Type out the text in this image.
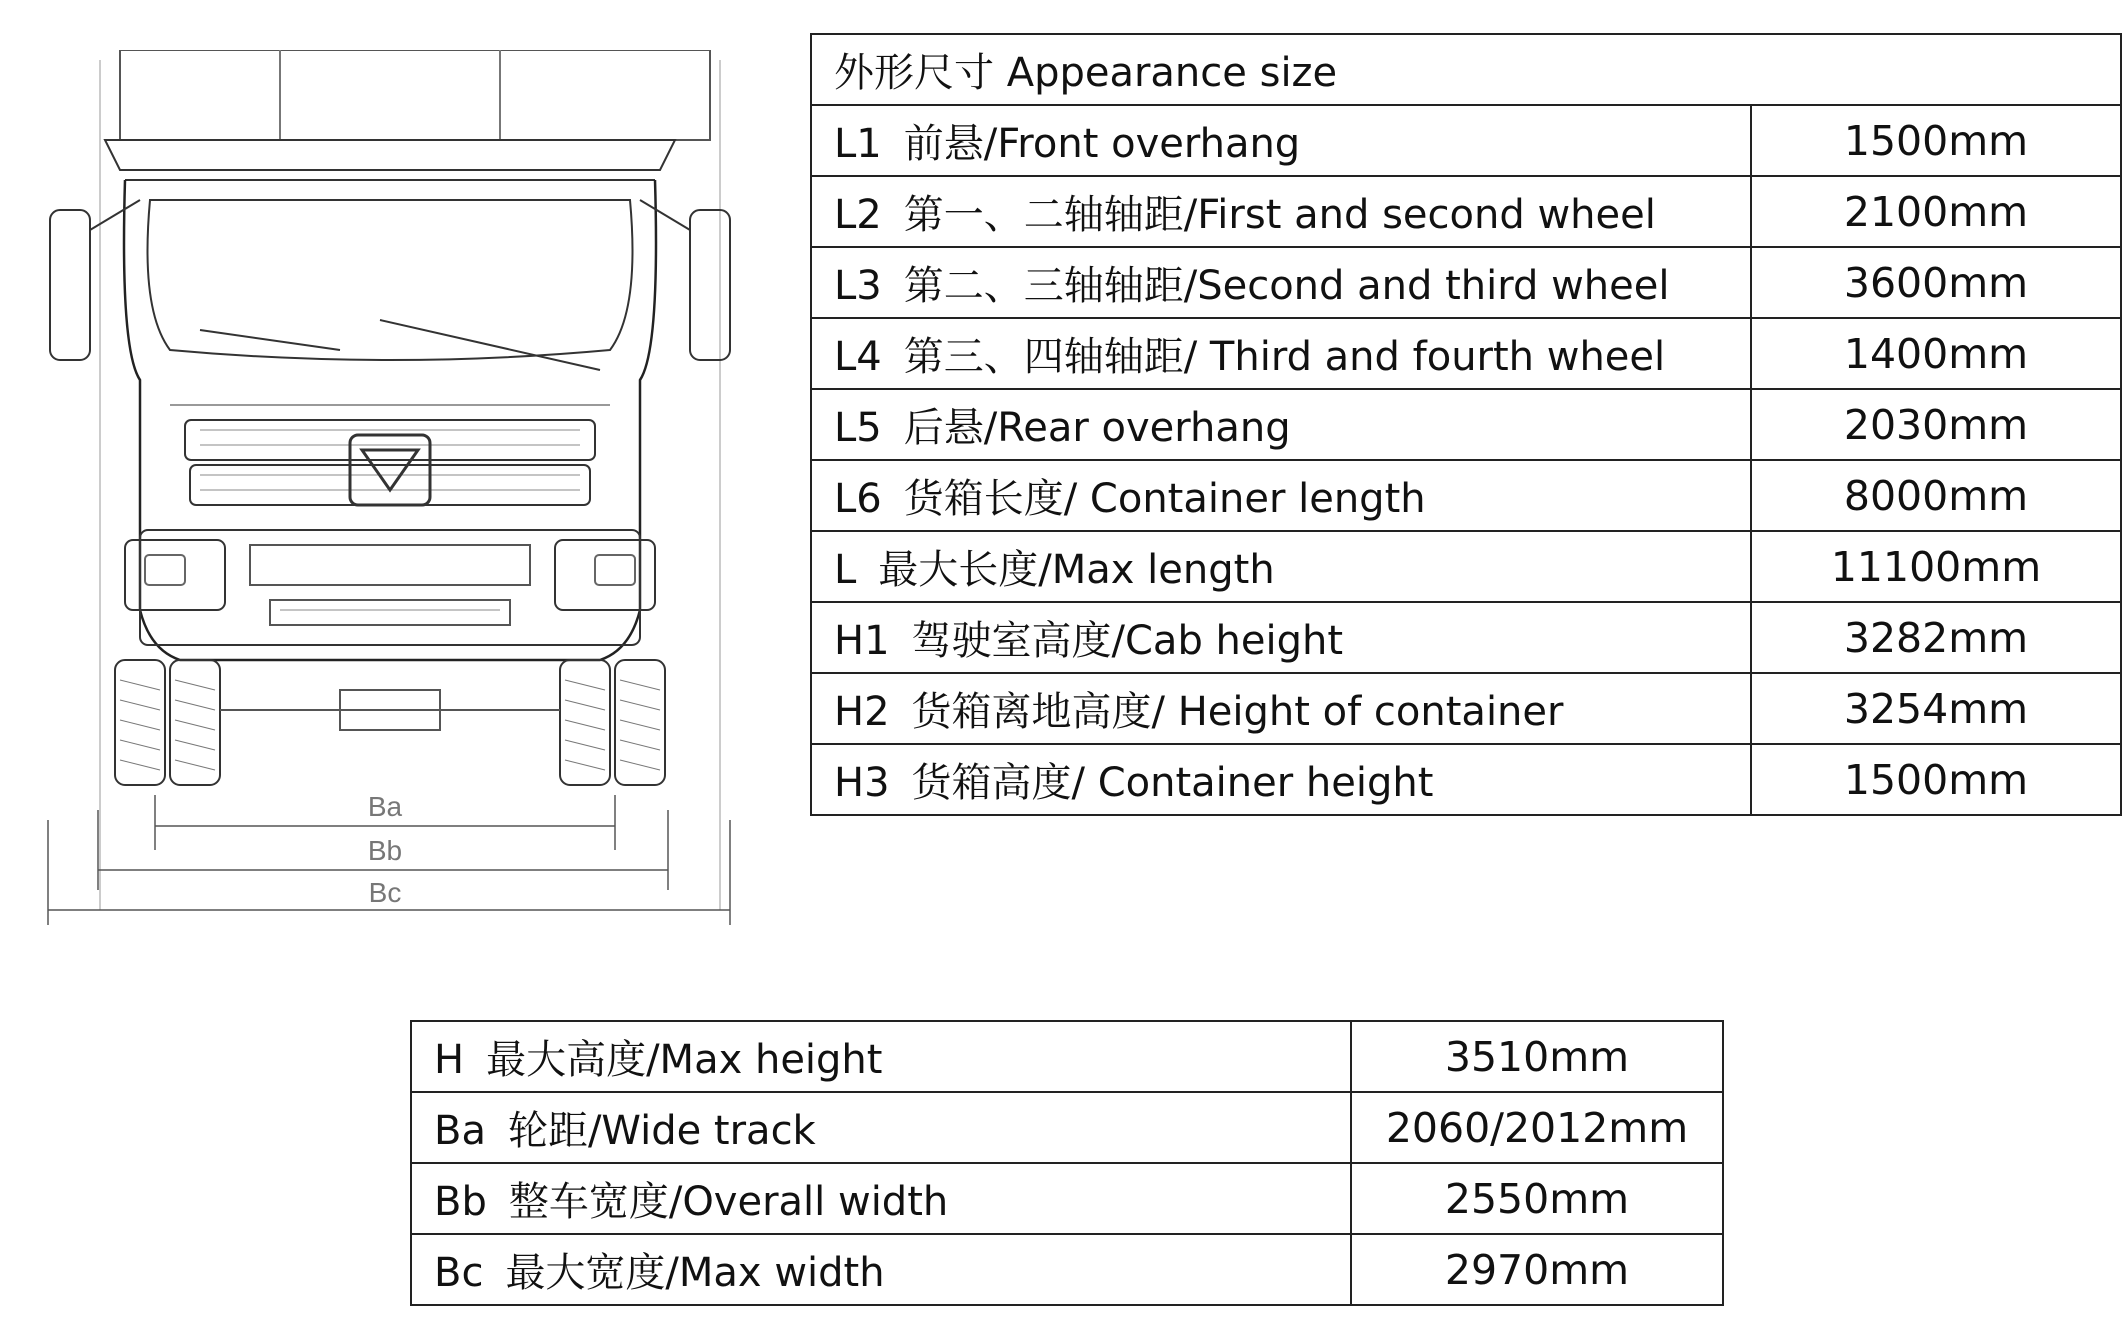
Ba
Bb
Bc
外形尺寸 Appearance size	
L1 前悬/Front overhang	1500mm
L2 第一、二轴轴距/First and second wheel	2100mm
L3 第二、三轴轴距/Second and third wheel	3600mm
L4 第三、四轴轴距/ Third and fourth wheel	1400mm
L5 后悬/Rear overhang	2030mm
L6 货箱长度/ Container length	8000mm
L 最大长度/Max length	11100mm
H1 驾驶室高度/Cab height	3282mm
H2 货箱离地高度/ Height of container	3254mm
H3 货箱高度/ Container height	1500mm
H 最大高度/Max height	3510mm
Ba 轮距/Wide track	2060/2012mm
Bb 整车宽度/Overall width	2550mm
Bc 最大宽度/Max width	2970mm
